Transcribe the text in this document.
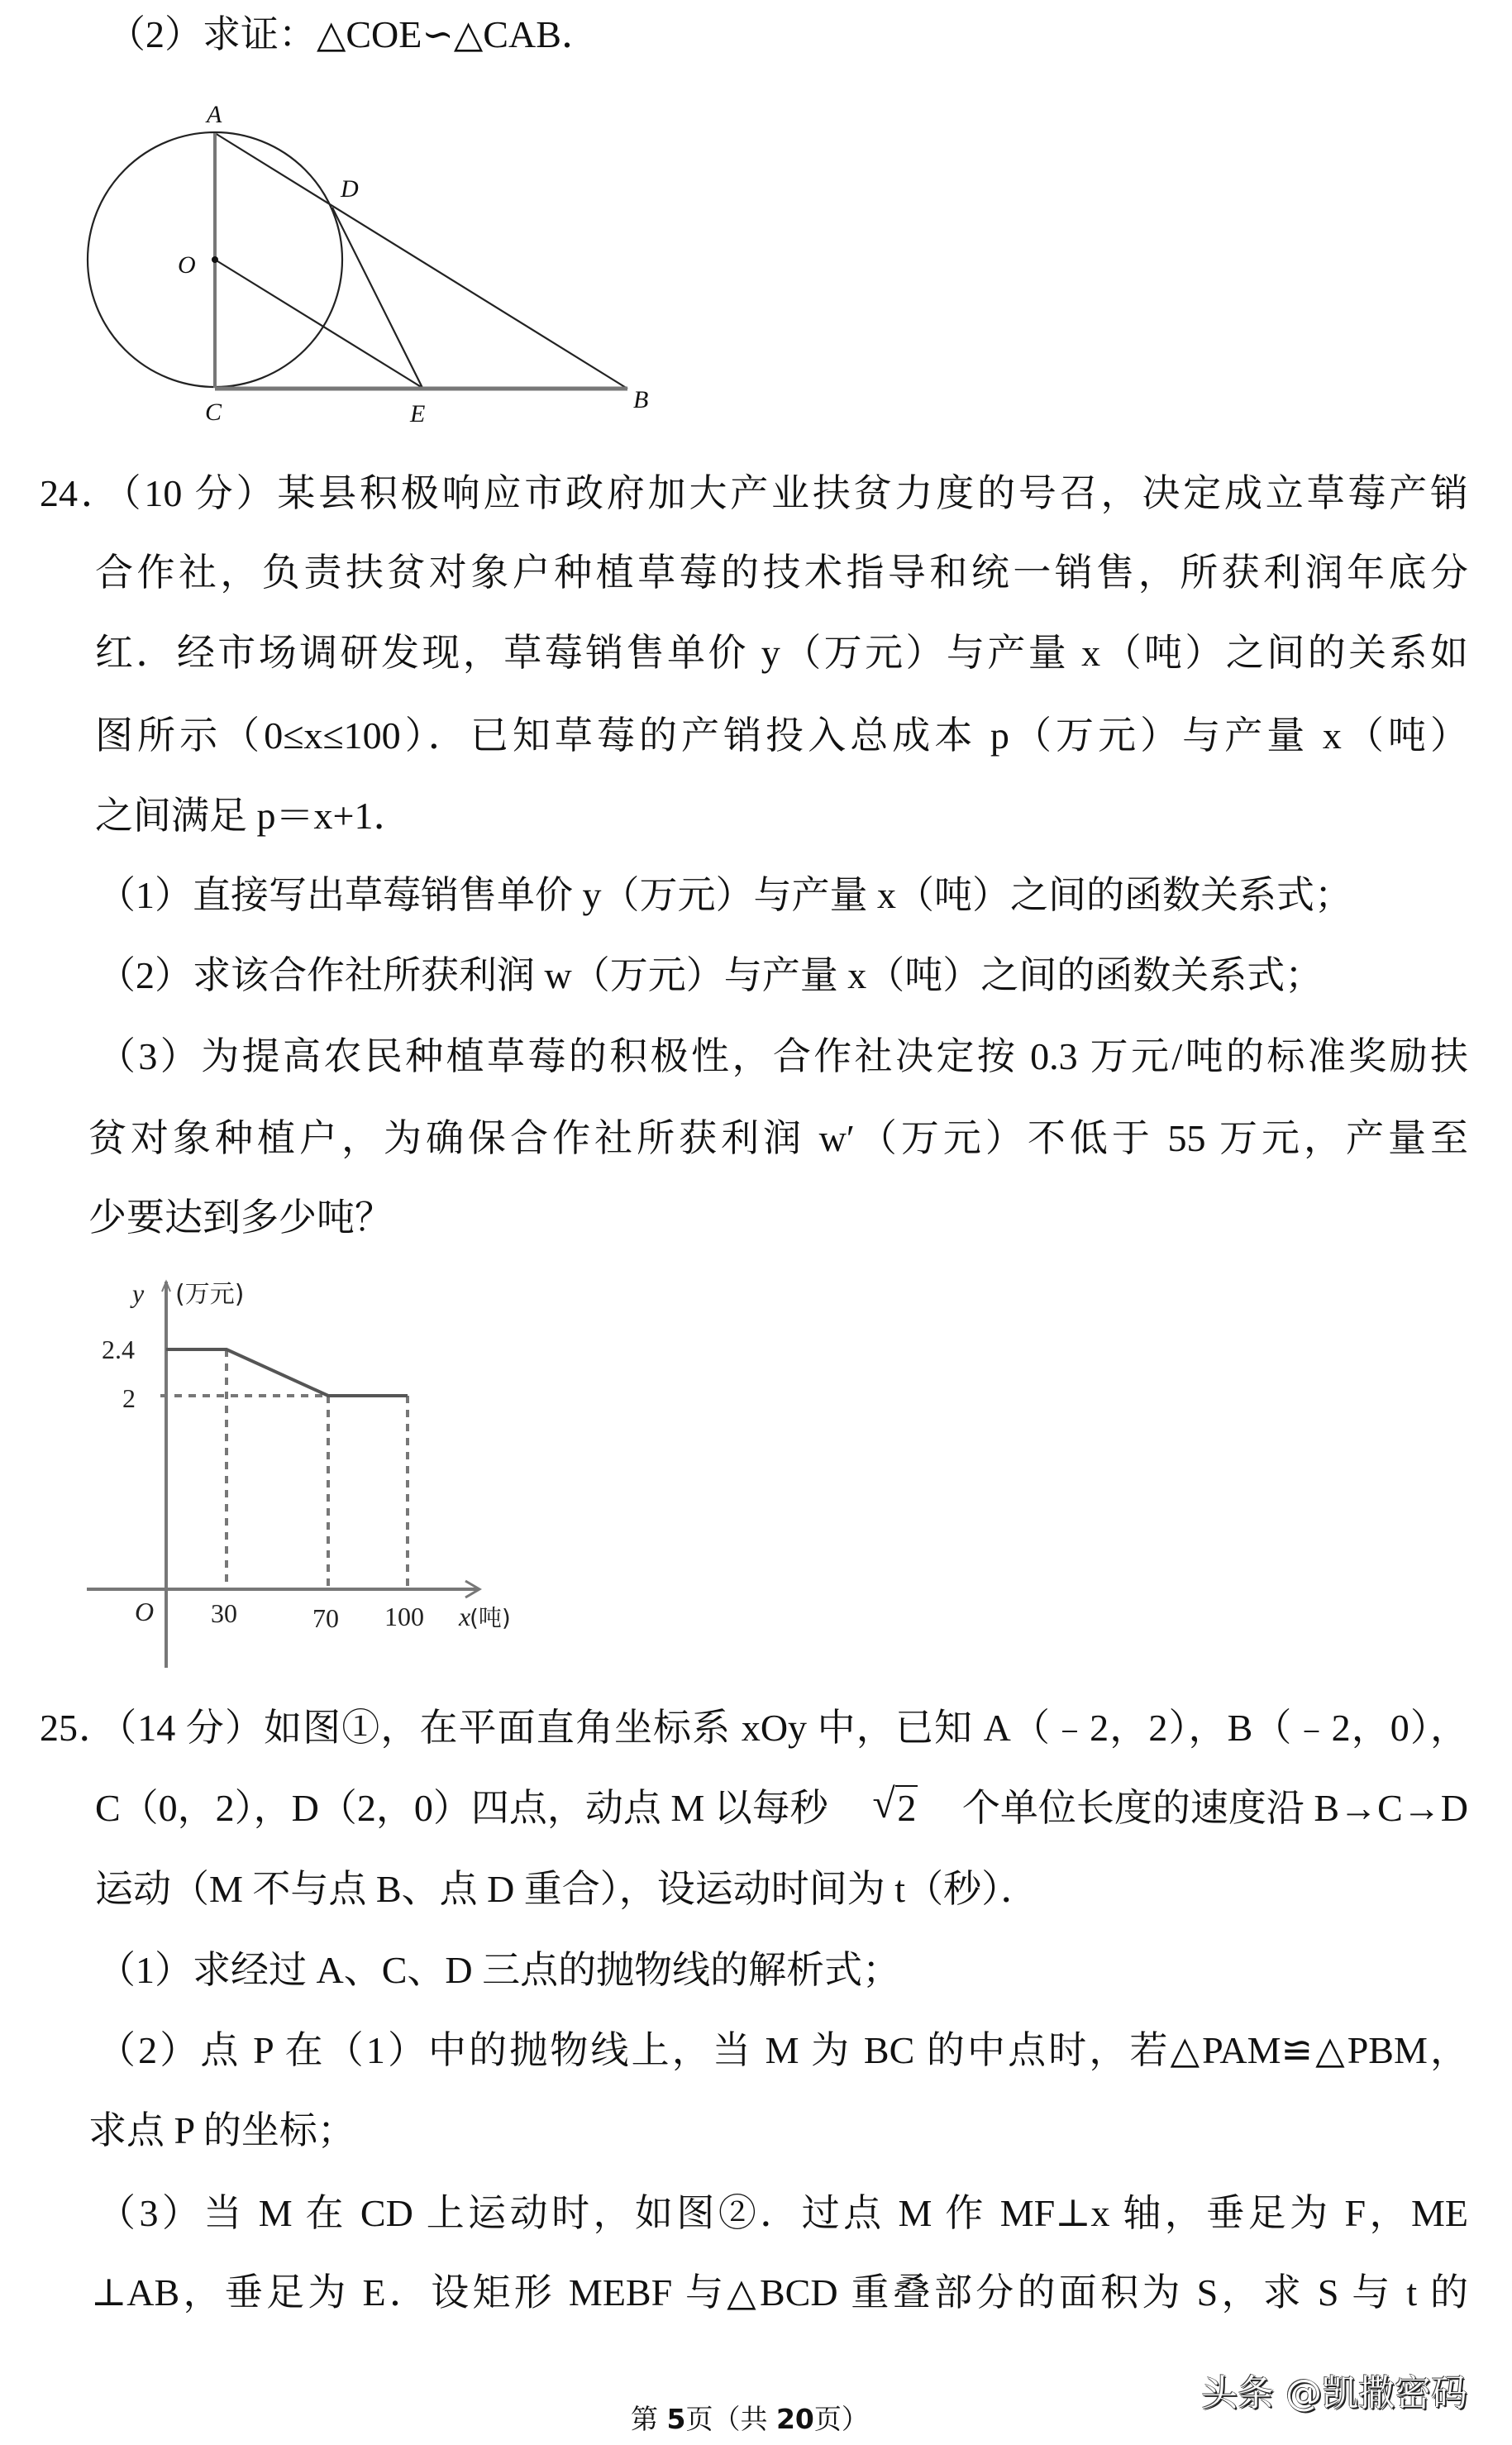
（2）求证：△COE∽△CAB．
A
D
O
C	E
B
24．（10 分）某县积极响应市政府加大产业扶贫力度的号召，决定成立草莓产销
合作社，负责扶贫对象户种植草莓的技术指导和统一销售，所获利润年底分
红．经市场调研发现，草莓销售单价 y（万元）与产量 x（吨）之间的关系如
图所示（0≤x≤100）．已知草莓的产销投入总成本 p（万元）与产量 x（吨）
之间满足 p＝x+1．
（1）直接写出草莓销售单价 y（万元）与产量 x（吨）之间的函数关系式；
（2）求该合作社所获利润 w（万元）与产量 x（吨）之间的函数关系式；
（3）为提高农民种植草莓的积极性，合作社决定按 0.3 万元/吨的标准奖励扶
贫对象种植户，为确保合作社所获利润 w′（万元）不低于 55 万元，产量至
少要达到多少吨？
y (万元)
2.4
2
O 30	70 100 x
(吨)
25．（14 分）如图①，在平面直角坐标系 xOy 中，已知 A（﹣2，2），B（﹣2，0），
C（0，2），D（2，0）四点，动点 M 以每秒 √ 2 个单位长度的速度沿 B→C→D
运动（M 不与点 B、点 D 重合），设运动时间为 t（秒）．
（1）求经过 A、C、D 三点的抛物线的解析式；
（2）点 P 在（1）中的抛物线上，当 M 为 BC 的中点时，若△PAM≌△PBM，
求点 P 的坐标；
（3）当 M 在 CD 上运动时，如图②．过点 M 作 MF⊥x 轴，垂足为 F，ME
⊥AB，垂足为 E．设矩形 MEBF 与△BCD 重叠部分的面积为 S，求 S 与 t 的
第 5页（共 20页）
头条 @凯撒密码
